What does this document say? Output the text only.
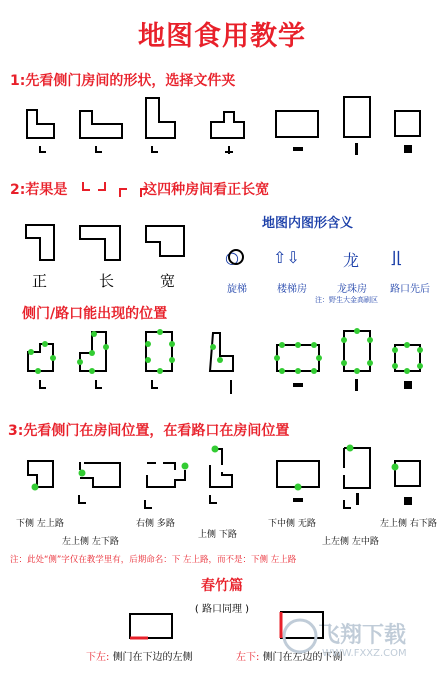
地图食用教学
1:先看侧门房间的形状，选择文件夹
2:若果是	这四种房间看正长宽
正	长	宽
地图内图形含义
○ ⇧⇩	龙 ⌋⌊
旋梯	楼梯房	龙珠房	路口先后
注：野生大金高刷区
侧门/路口能出现的位置
3:先看侧门在房间位置，在看路口在房间位置
下侧 左上路
左上侧 左下路
右侧 多路
上侧 下路
下中侧 无路
上左侧 左中路
左上侧 右下路
注：此处“侧”字仅在教学里有，后期命名：下 左上路，而不是：下侧 左上路
春竹篇
( 路口同理 )
下左: 侧门在下边的左侧	左下: 侧门在左边的下侧
飞翔下载
WWW.FXXZ.COM
